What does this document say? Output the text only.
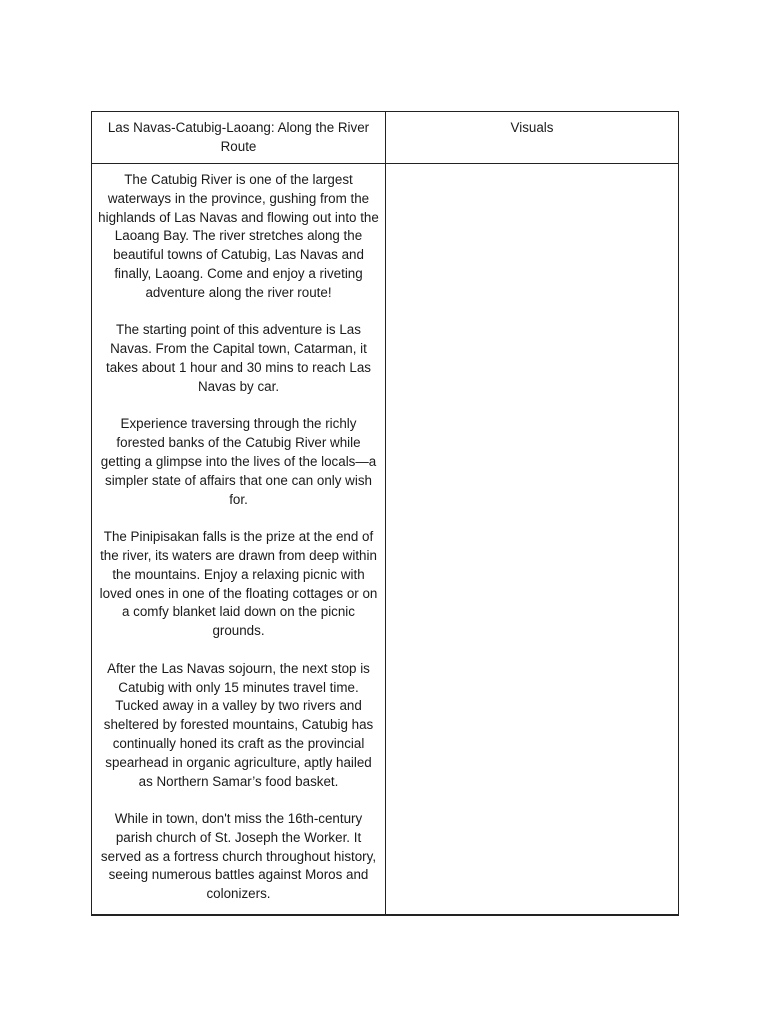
Las Navas-Catubig-Laoang: Along the River Route
Visuals

The Catubig River is one of the largest waterways in the province, gushing from the highlands of Las Navas and flowing out into the Laoang Bay. The river stretches along the beautiful towns of Catubig, Las Navas and finally, Laoang. Come and enjoy a riveting adventure along the river route!

The starting point of this adventure is Las Navas. From the Capital town, Catarman, it takes about 1 hour and 30 mins to reach Las Navas by car.

Experience traversing through the richly forested banks of the Catubig River while getting a glimpse into the lives of the locals—a simpler state of affairs that one can only wish for.

The Pinipisakan falls is the prize at the end of the river, its waters are drawn from deep within the mountains. Enjoy a relaxing picnic with loved ones in one of the floating cottages or on a comfy blanket laid down on the picnic grounds.

After the Las Navas sojourn, the next stop is Catubig with only 15 minutes travel time. Tucked away in a valley by two rivers and sheltered by forested mountains, Catubig has continually honed its craft as the provincial spearhead in organic agriculture, aptly hailed as Northern Samar’s food basket.

While in town, don't miss the 16th-century parish church of St. Joseph the Worker. It served as a fortress church throughout history, seeing numerous battles against Moros and colonizers.
